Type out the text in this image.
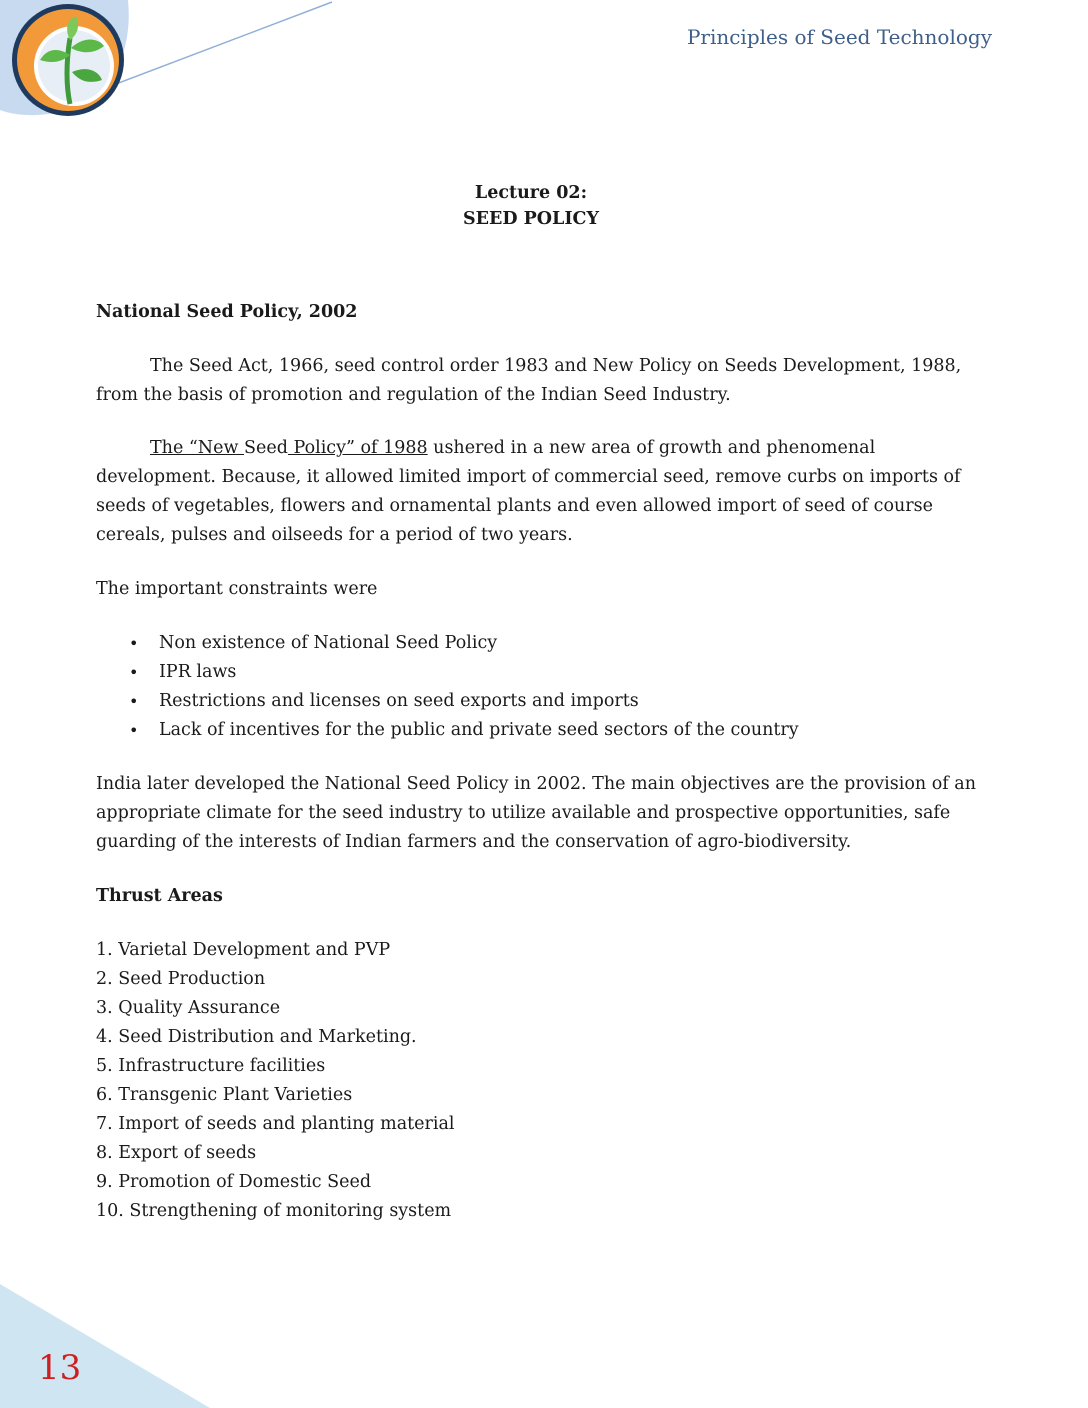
Principles of Seed Technology
Lecture 02:
SEED POLICY

National Seed Policy, 2002

The Seed Act, 1966, seed control order 1983 and New Policy on Seeds Development, 1988, from the basis of promotion and regulation of the Indian Seed Industry.

The “New Seed Policy” of 1988 ushered in a new area of growth and phenomenal development. Because, it allowed limited import of commercial seed, remove curbs on imports of seeds of vegetables, flowers and ornamental plants and even allowed import of seed of course cereals, pulses and oilseeds for a period of two years.

The important constraints were

• Non existence of National Seed Policy
• IPR laws
• Restrictions and licenses on seed exports and imports
• Lack of incentives for the public and private seed sectors of the country

India later developed the National Seed Policy in 2002. The main objectives are the provision of an appropriate climate for the seed industry to utilize available and prospective opportunities, safe guarding of the interests of Indian farmers and the conservation of agro-biodiversity.

Thrust Areas

1. Varietal Development and PVP
2. Seed Production
3. Quality Assurance
4. Seed Distribution and Marketing.
5. Infrastructure facilities
6. Transgenic Plant Varieties
7. Import of seeds and planting material
8. Export of seeds
9. Promotion of Domestic Seed
10. Strengthening of monitoring system
13
